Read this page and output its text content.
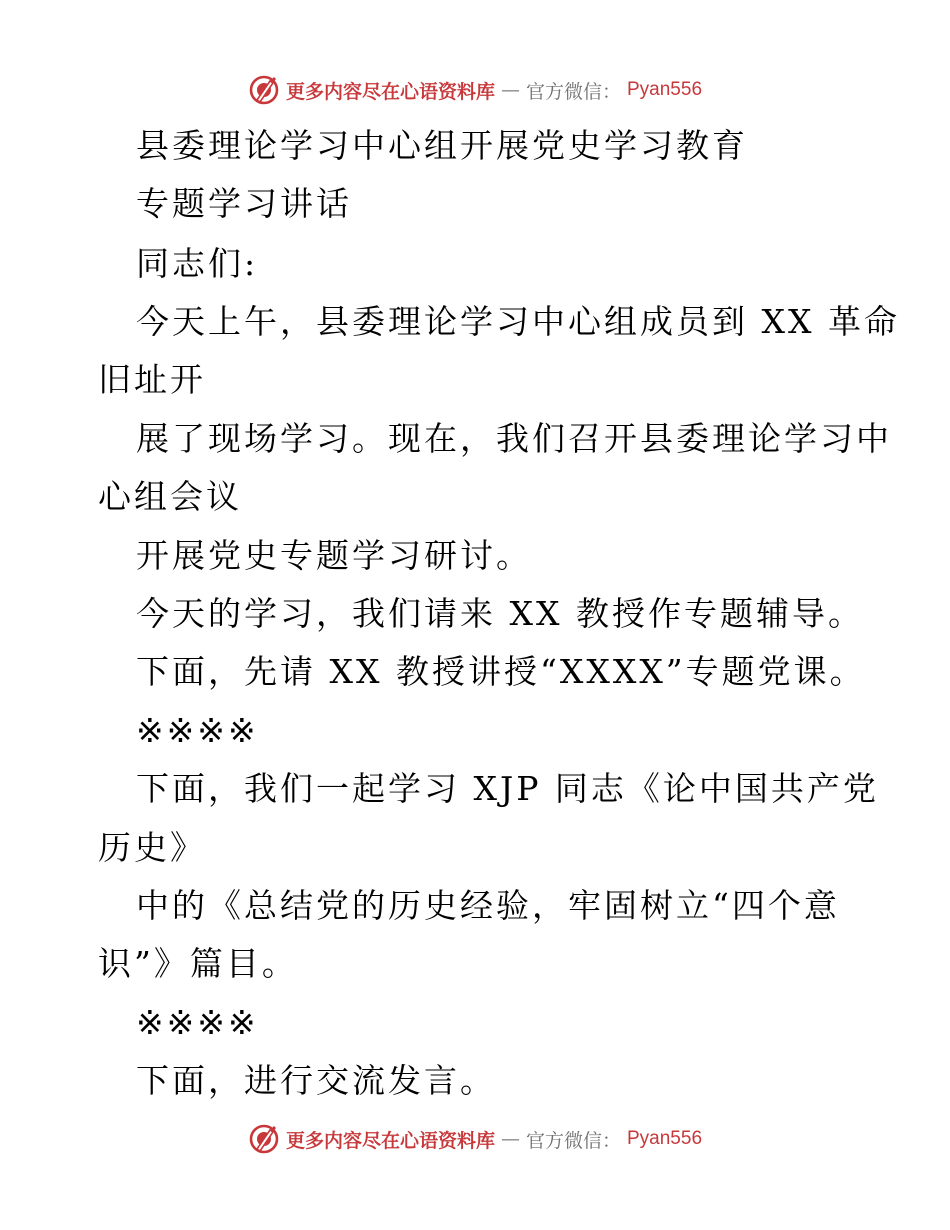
更多内容尽在心语资料库 — 官方微信： Pyan556
县委理论学习中心组开展党史学习教育
专题学习讲话
同志们:
今天上午，县委理论学习中心组成员到 XX 革命
旧址开
展了现场学习。现在，我们召开县委理论学习中
心组会议
开展党史专题学习研讨。
今天的学习，我们请来 XX 教授作专题辅导。
下面，先请 XX 教授讲授“XXXX”专题党课。
※※※※
下面，我们一起学习 XJP 同志《论中国共产党
历史》
中的《总结党的历史经验，牢固树立“四个意
识”》篇目。
※※※※
下面，进行交流发言。
更多内容尽在心语资料库 — 官方微信： Pyan556
